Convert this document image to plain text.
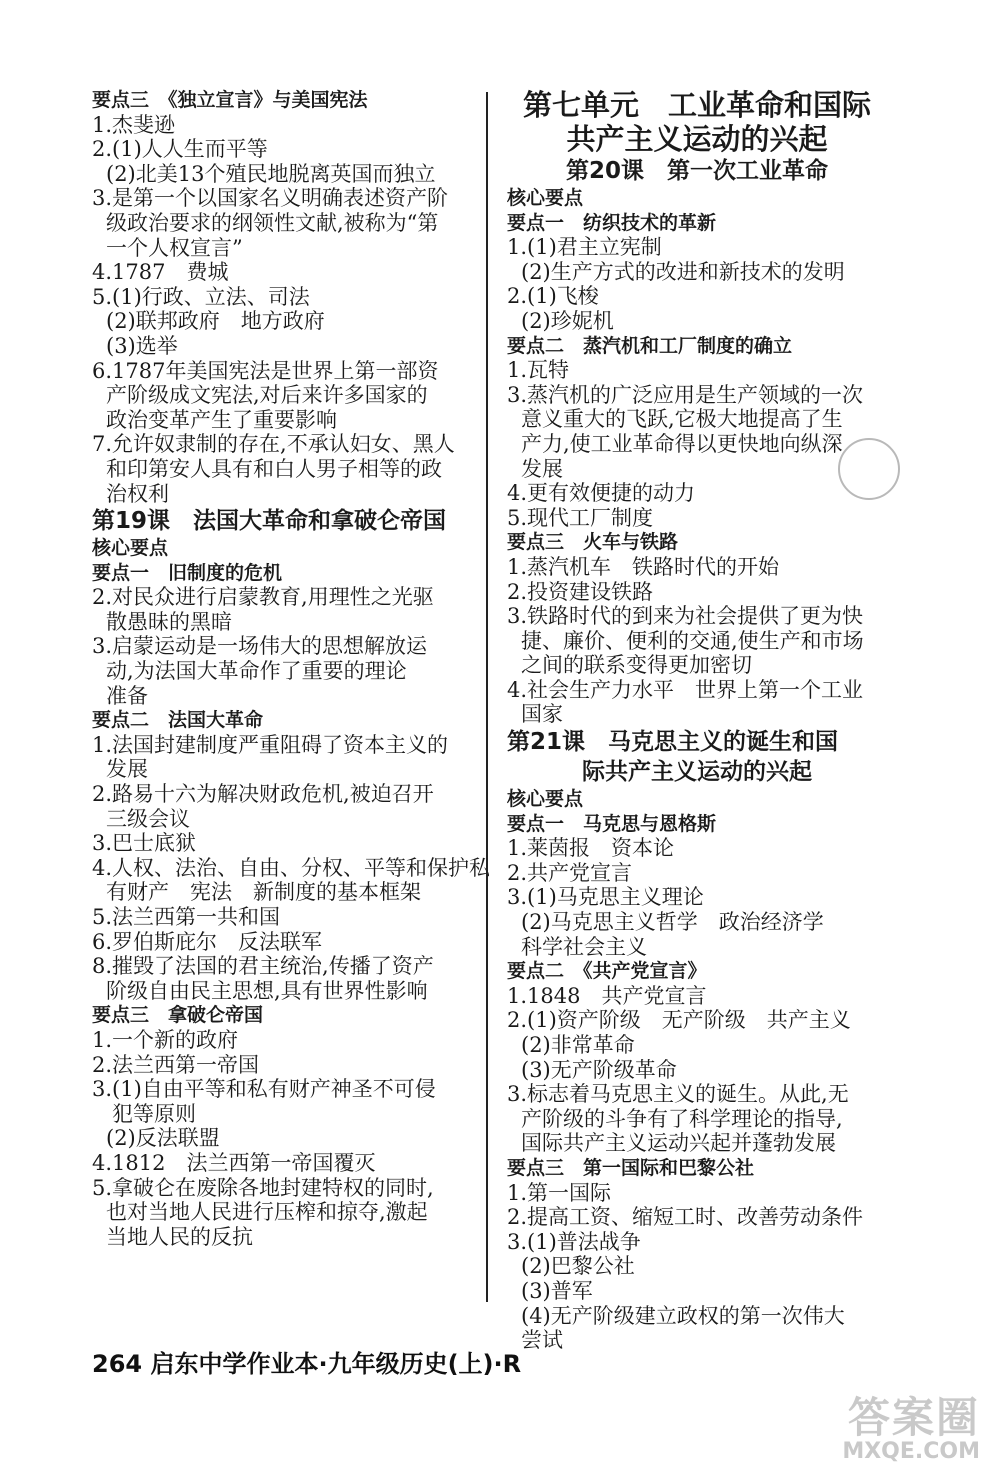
要点三　《独立宣言》与美国宪法
1.杰斐逊
2.(1)人人生而平等
(2)北美13个殖民地脱离英国而独立
3.是第一个以国家名义明确表述资产阶
级政治要求的纲领性文献,被称为“第
一个人权宣言”
4.1787　费城
5.(1)行政、立法、司法
(2)联邦政府　地方政府
(3)选举
6.1787年美国宪法是世界上第一部资
产阶级成文宪法,对后来许多国家的
政治变革产生了重要影响
7.允许奴隶制的存在,不承认妇女、黑人
和印第安人具有和白人男子相等的政
治权利
第19课　法国大革命和拿破仑帝国
核心要点
要点一　旧制度的危机
2.对民众进行启蒙教育,用理性之光驱
散愚昧的黑暗
3.启蒙运动是一场伟大的思想解放运
动,为法国大革命作了重要的理论
准备
要点二　法国大革命
1.法国封建制度严重阻碍了资本主义的
发展
2.路易十六为解决财政危机,被迫召开
三级会议
3.巴士底狱
4.人权、法治、自由、分权、平等和保护私
有财产　宪法　新制度的基本框架
5.法兰西第一共和国
6.罗伯斯庇尔　反法联军
8.摧毁了法国的君主统治,传播了资产
阶级自由民主思想,具有世界性影响
要点三　拿破仑帝国
1.一个新的政府
2.法兰西第一帝国
3.(1)自由平等和私有财产神圣不可侵
犯等原则
(2)反法联盟
4.1812　法兰西第一帝国覆灭
5.拿破仑在废除各地封建特权的同时,
也对当地人民进行压榨和掠夺,激起
当地人民的反抗
第七单元　工业革命和国际
共产主义运动的兴起
第20课　第一次工业革命
核心要点
要点一　纺织技术的革新
1.(1)君主立宪制
(2)生产方式的改进和新技术的发明
2.(1)飞梭
(2)珍妮机
要点二　蒸汽机和工厂制度的确立
1.瓦特
3.蒸汽机的广泛应用是生产领域的一次
意义重大的飞跃,它极大地提高了生
产力,使工业革命得以更快地向纵深
发展
4.更有效便捷的动力
5.现代工厂制度
要点三　火车与铁路
1.蒸汽机车　铁路时代的开始
2.投资建设铁路
3.铁路时代的到来为社会提供了更为快
捷、廉价、便利的交通,使生产和市场
之间的联系变得更加密切
4.社会生产力水平　世界上第一个工业
国家
第21课　马克思主义的诞生和国
际共产主义运动的兴起
核心要点
要点一　马克思与恩格斯
1.莱茵报　资本论
2.共产党宣言
3.(1)马克思主义理论
(2)马克思主义哲学　政治经济学
科学社会主义
要点二　《共产党宣言》
1.1848　共产党宣言
2.(1)资产阶级　无产阶级　共产主义
(2)非常革命
(3)无产阶级革命
3.标志着马克思主义的诞生。从此,无
产阶级的斗争有了科学理论的指导,
国际共产主义运动兴起并蓬勃发展
要点三　第一国际和巴黎公社
1.第一国际
2.提高工资、缩短工时、改善劳动条件
3.(1)普法战争
(2)巴黎公社
(3)普军
(4)无产阶级建立政权的第一次伟大
尝试
264 启东中学作业本·九年级历史(上)·R
答案圈
MXQE.COM
